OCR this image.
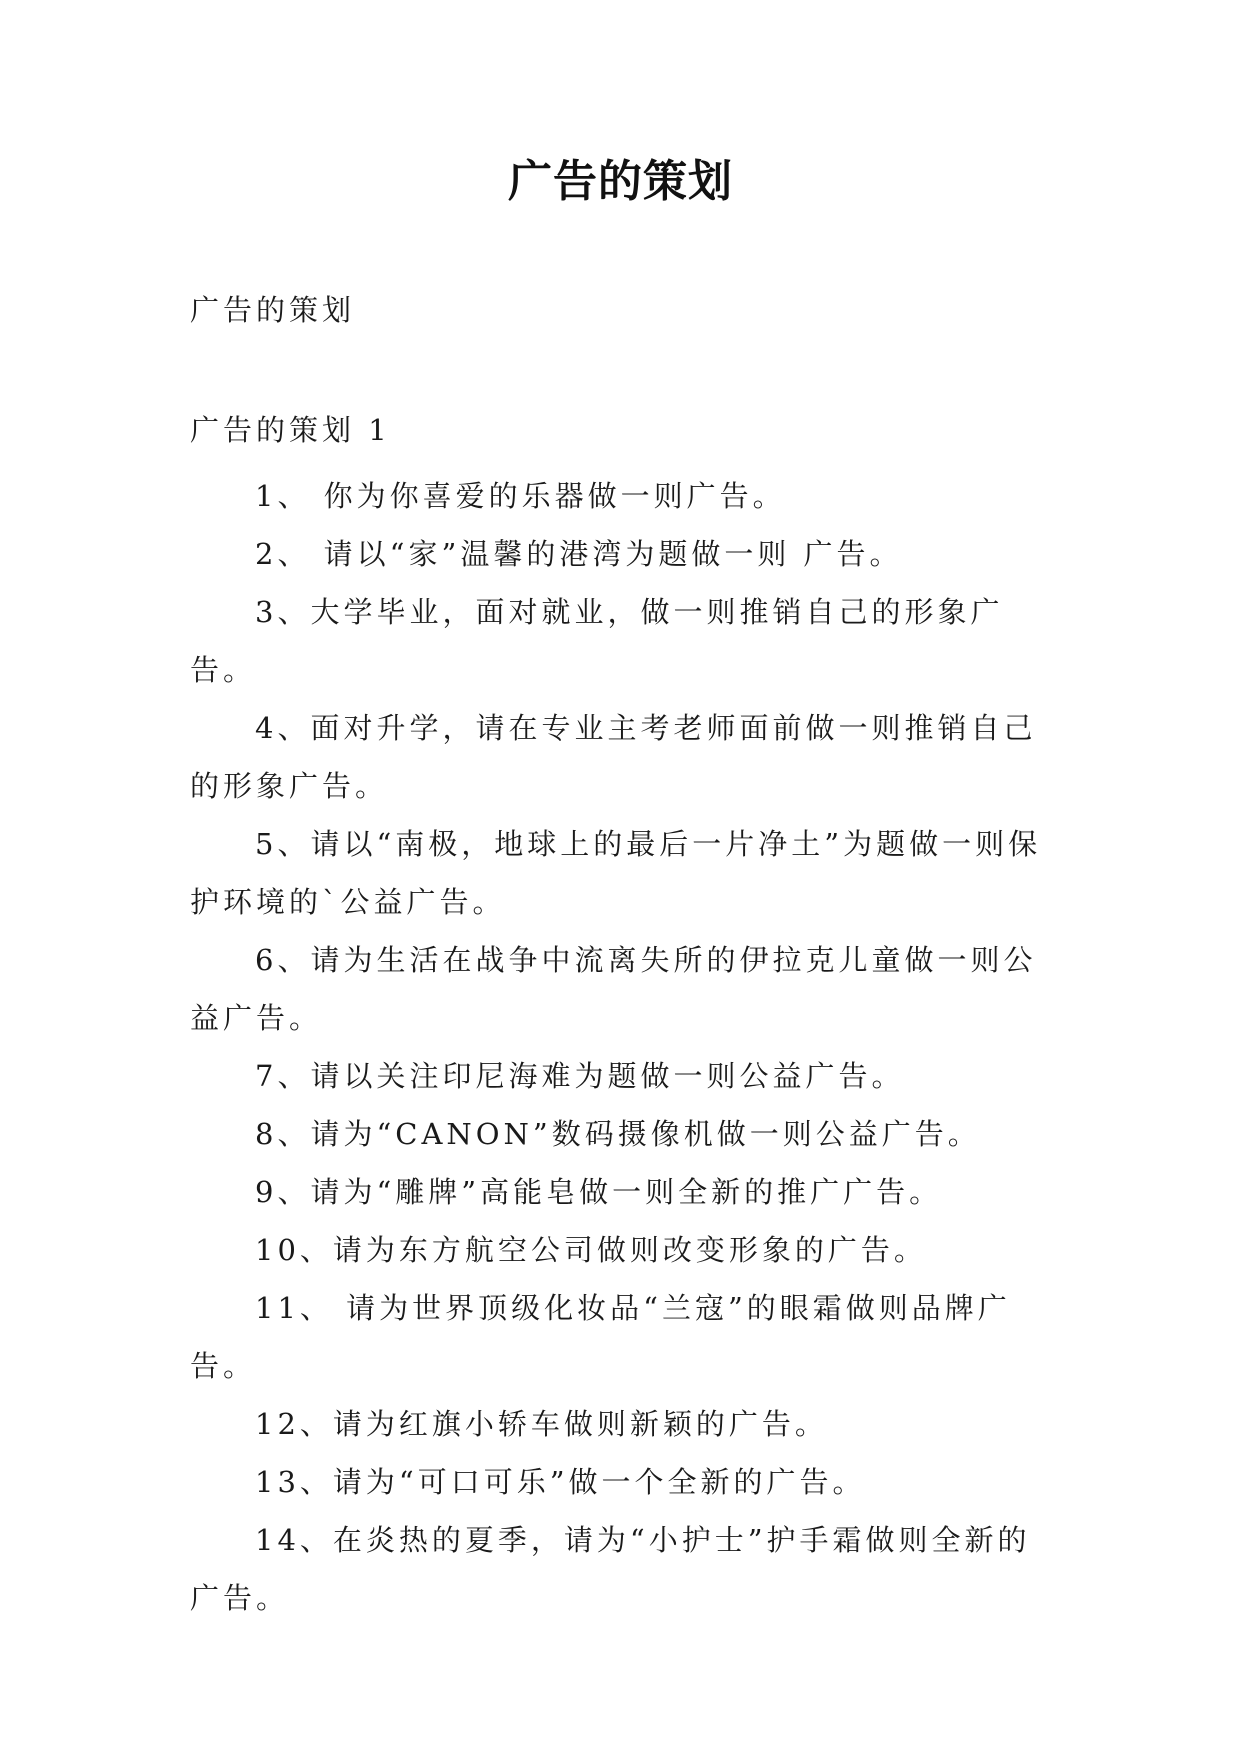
广告的策划

广告的策划

广告的策划 1

1、 你为你喜爱的乐器做一则广告。
2、 请以“家”温馨的港湾为题做一则 广告。
3、大学毕业，面对就业，做一则推销自己的形象广告。
4、面对升学，请在专业主考老师面前做一则推销自己的形象广告。
5、请以“南极，地球上的最后一片净土”为题做一则保护环境的`公益广告。
6、请为生活在战争中流离失所的伊拉克儿童做一则公益广告。
7、请以关注印尼海难为题做一则公益广告。
8、请为“CANON”数码摄像机做一则公益广告。
9、请为“雕牌”高能皂做一则全新的推广广告。
10、请为东方航空公司做则改变形象的广告。
11、 请为世界顶级化妆品“兰寇”的眼霜做则品牌广告。
12、请为红旗小轿车做则新颖的广告。
13、请为“可口可乐”做一个全新的广告。
14、在炎热的夏季，请为“小护士”护手霜做则全新的广告。
